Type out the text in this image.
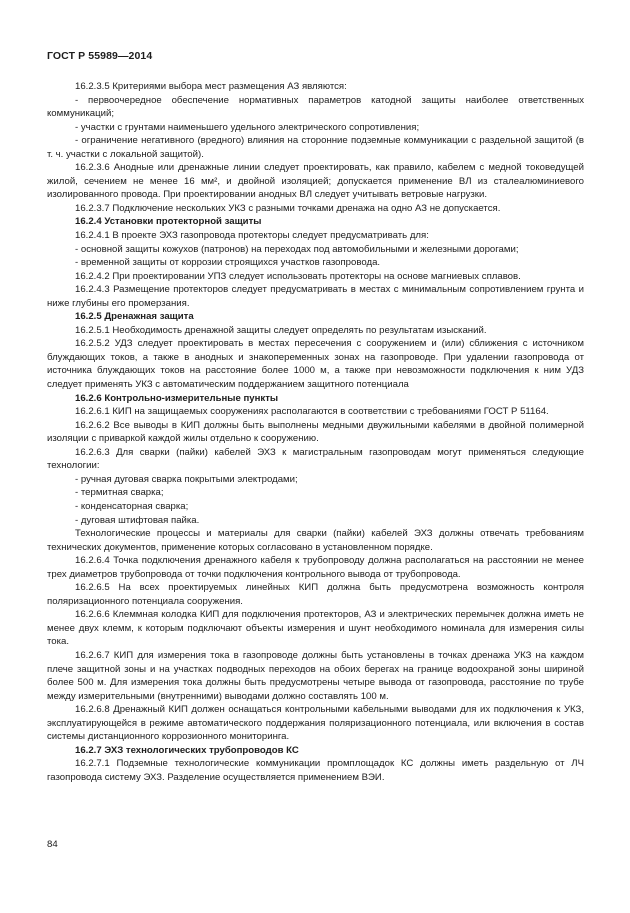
ГОСТ Р 55989—2014

16.2.3.5 Критериями выбора мест размещения АЗ являются:

- первоочередное обеспечение нормативных параметров катодной защиты наиболее ответственных коммуникаций;

- участки с грунтами наименьшего удельного электрического сопротивления;

- ограничение негативного (вредного) влияния на сторонние подземные коммуникации с раздельной защитой (в т. ч. участки с локальной защитой).

16.2.3.6 Анодные или дренажные линии следует проектировать, как правило, кабелем с медной токоведущей жилой, сечением не менее 16 мм², и двойной изоляцией; допускается применение ВЛ из сталеалюминиевого изолированного провода. При проектировании анодных ВЛ следует учитывать ветровые нагрузки.

16.2.3.7 Подключение нескольких УКЗ с разными точками дренажа на одно АЗ не допускается.

16.2.4 Установки протекторной защиты

16.2.4.1 В проекте ЭХЗ газопровода протекторы следует предусматривать для:

- основной защиты кожухов (патронов) на переходах под автомобильными и железными дорогами;

- временной защиты от коррозии строящихся участков газопровода.

16.2.4.2 При проектировании УПЗ следует использовать протекторы на основе магниевых сплавов.

16.2.4.3 Размещение протекторов следует предусматривать в местах с минимальным сопротивлением грунта и ниже глубины его промерзания.

16.2.5 Дренажная защита

16.2.5.1 Необходимость дренажной защиты следует определять по результатам изысканий.

16.2.5.2 УДЗ следует проектировать в местах пересечения с сооружением и (или) сближения с источником блуждающих токов, а также в анодных и знакопеременных зонах на газопроводе. При удалении газопровода от источника блуждающих токов на расстояние более 1000 м, а также при невозможности подключения к ним УДЗ следует применять УКЗ с автоматическим поддержанием защитного потенциала

16.2.6 Контрольно-измерительные пункты

16.2.6.1 КИП на защищаемых сооружениях располагаются в соответствии с требованиями ГОСТ Р 51164.

16.2.6.2 Все выводы в КИП должны быть выполнены медными двужильными кабелями в двойной полимерной изоляции с приваркой каждой жилы отдельно к сооружению.

16.2.6.3 Для сварки (пайки) кабелей ЭХЗ к магистральным газопроводам могут применяться следующие технологии:

- ручная дуговая сварка покрытыми электродами;

- термитная сварка;

- конденсаторная сварка;

- дуговая штифтовая пайка.

Технологические процессы и материалы для сварки (пайки) кабелей ЭХЗ должны отвечать требованиям технических документов, применение которых согласовано в установленном порядке.

16.2.6.4 Точка подключения дренажного кабеля к трубопроводу должна располагаться на расстоянии не менее трех диаметров трубопровода от точки подключения контрольного вывода от трубопровода.

16.2.6.5 На всех проектируемых линейных КИП должна быть предусмотрена возможность контроля поляризационного потенциала сооружения.

16.2.6.6 Клеммная колодка КИП для подключения протекторов, АЗ и электрических перемычек должна иметь не менее двух клемм, к которым подключают объекты измерения и шунт необходимого номинала для измерения силы тока.

16.2.6.7 КИП для измерения тока в газопроводе должны быть установлены в точках дренажа УКЗ на каждом плече защитной зоны и на участках подводных переходов на обоих берегах на границе водоохраной зоны шириной более 500 м. Для измерения тока должны быть предусмотрены четыре вывода от газопровода, расстояние по трубе между измерительными (внутренними) выводами должно составлять 100 м.

16.2.6.8 Дренажный КИП должен оснащаться контрольными кабельными выводами для их подключения к УКЗ, эксплуатирующейся в режиме автоматического поддержания поляризационного потенциала, или включения в состав системы дистанционного коррозионного мониторинга.

16.2.7 ЭХЗ технологических трубопроводов КС

16.2.7.1 Подземные технологические коммуникации промплощадок КС должны иметь раздельную от ЛЧ газопровода систему ЭХЗ. Разделение осуществляется применением ВЭИ.

84
